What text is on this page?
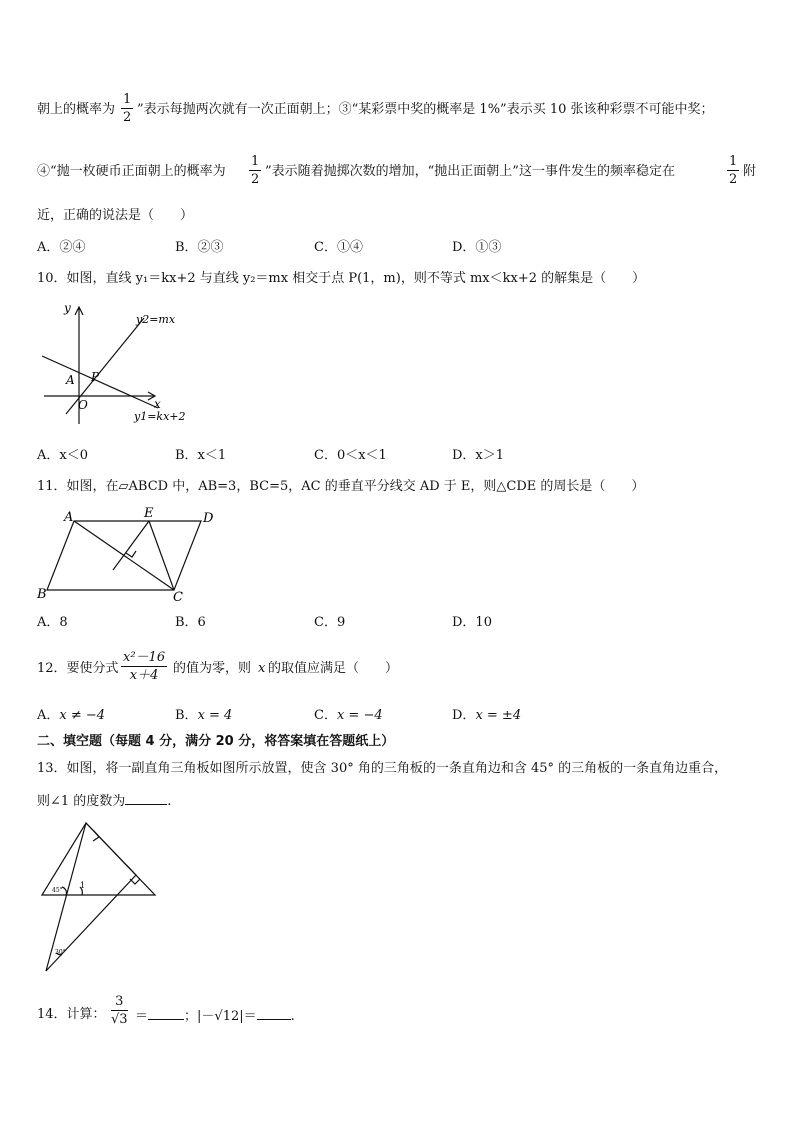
朝上的概率为 $\frac{1}{2}$ ”表示每抛两次就有一次正面朝上；③“某彩票中奖的概率是 1%”表示买 10 张该种彩票不可能中奖；
④“抛一枚硬币正面朝上的概率为 $\frac{1}{2}$ ”表示随着抛掷次数的增加，“抛出正面朝上”这一事件发生的频率稳定在	$\frac{1}{2}$ 附
近，正确的说法是（　　）
A．②④	B．②③	C．①④	D．①③
10．如图，直线 y₁＝kx+2 与直线 y₂＝mx 相交于点 P(1，m)，则不等式 mx＜kx+2 的解集是（　　）
y
x
O
A P
y2=mx
y1=kx+2
A．x＜0	B．x＜1	C．0＜x＜1	D．x＞1
11．如图，在▱ABCD 中，AB=3，BC=5，AC 的垂直平分线交 AD 于 E，则△CDE 的周长是（　　）
A	E	D
B	C
A．8	B．6	C．9	D．10
12．要使分式 $\frac{\text{x²－16}}{x+4}$ 的值为零，则 x 的取值应满足（　　）
A．x ≠ −4	B．x = 4	C．x = −4	D．x = ±4
二、填空题（每题 4 分，满分 20 分，将答案填在答题纸上）
13．如图，将一副直角三角板如图所示放置，使含 30° 角的三角板的一条直角边和含 45° 的三角板的一条直角边重合，
则∠1 的度数为	.
45°
1
30°
14．计算： $\frac{3}{√3}$ ＝	；|－√12|＝	.
